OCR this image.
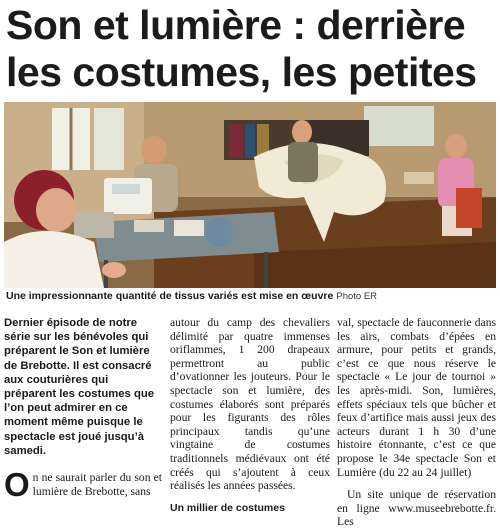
Son et lumière : derrière les costumes, les petites
Une impressionnante quantité de tissus variés est mise en œuvre Photo ER

Dernier épisode de notre série sur les bénévoles qui préparent le Son et lumière de Brebotte. Il est consacré aux couturières qui préparent les costumes que l’on peut admirer en ce moment même puisque le spectacle est joué jusqu’à samedi.

On ne saurait parler du son et lumière de Brebotte, sans

autour du camp des chevaliers délimité par quatre immenses oriflammes, 1 200 drapeaux permettront au public d’ovationner les jouteurs. Pour le spectacle son et lumière, des costumes élaborés sont préparés pour les figurants des rôles principaux tandis qu’une vingtaine de costumes traditionnels médiévaux ont été créés qui s’ajoutent à ceux réalisés les années passées.

Un millier de costumes

val, spectacle de fauconnerie dans les airs, combats d’épées en armure, pour petits et grands, c’est ce que nous réserve le spectacle « Le jour de tournoi » les après-midi. Son, lumières, effets spéciaux tels que bûcher et feux d’artifice mais aussi jeux des acteurs durant 1 h 30 d’une histoire étonnante, c’est ce que propose le 34e spectacle Son et Lumière (du 22 au 24 juillet)

Un site unique de réservation en ligne www.museebrebotte.fr. Les
